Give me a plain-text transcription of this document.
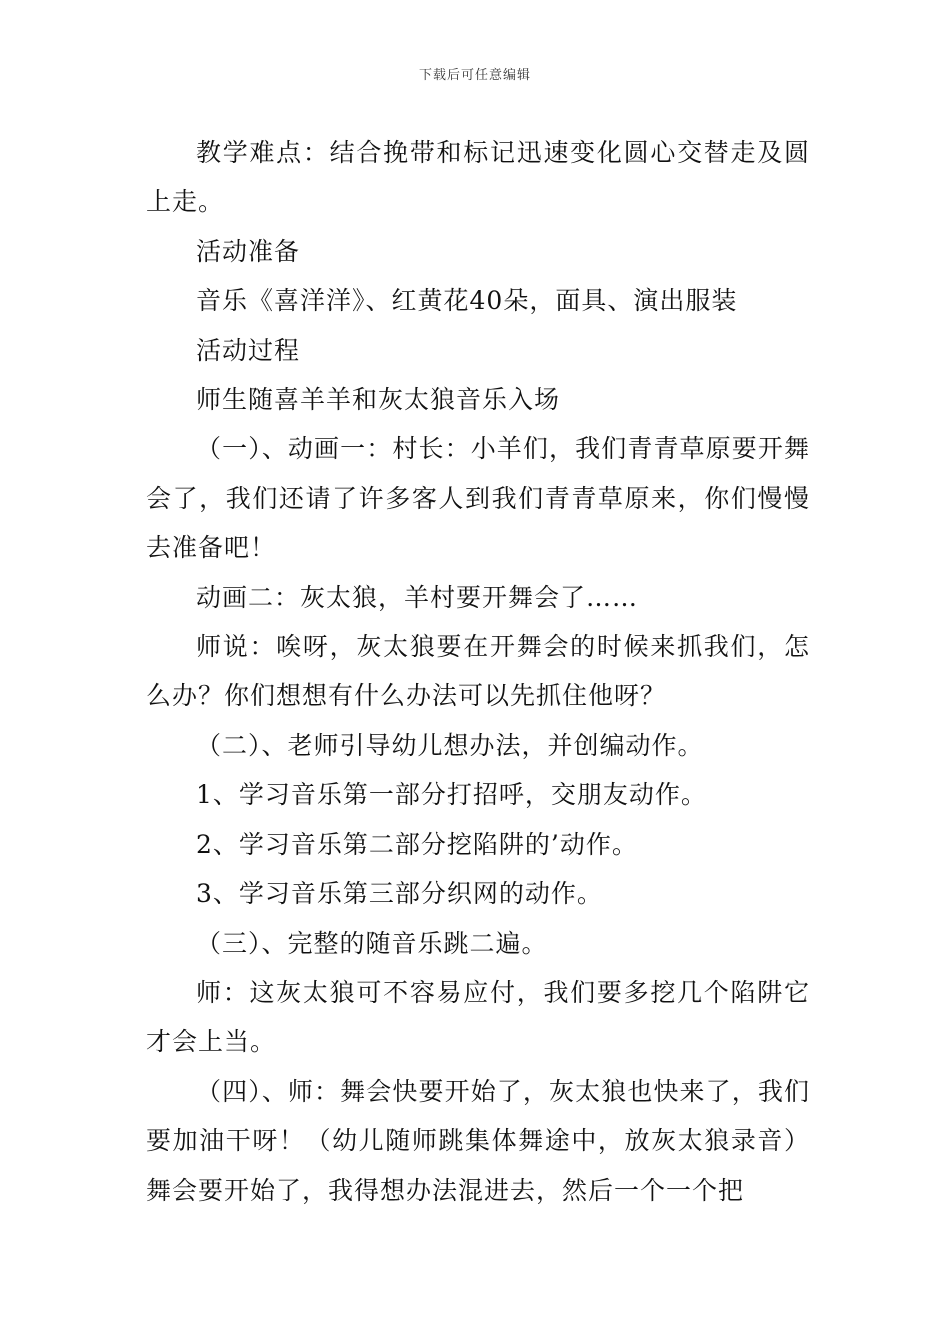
下载后可任意编辑

教学难点：结合挽带和标记迅速变化圆心交替走及圆上走。

活动准备

音乐《喜洋洋》、红黄花40朵，面具、演出服装

活动过程

师生随喜羊羊和灰太狼音乐入场

（一）、动画一：村长：小羊们，我们青青草原要开舞会了，我们还请了许多客人到我们青青草原来，你们慢慢去准备吧！

动画二：灰太狼，羊村要开舞会了……

师说：唉呀，灰太狼要在开舞会的时候来抓我们，怎么办？你们想想有什么办法可以先抓住他呀？

（二）、老师引导幼儿想办法，并创编动作。

1、学习音乐第一部分打招呼，交朋友动作。

2、学习音乐第二部分挖陷阱的’动作。

3、学习音乐第三部分织网的动作。

（三）、完整的随音乐跳二遍。

师：这灰太狼可不容易应付，我们要多挖几个陷阱它才会上当。

（四）、师：舞会快要开始了，灰太狼也快来了，我们要加油干呀！（幼儿随师跳集体舞途中，放灰太狼录音）舞会要开始了，我得想办法混进去，然后一个一个把
